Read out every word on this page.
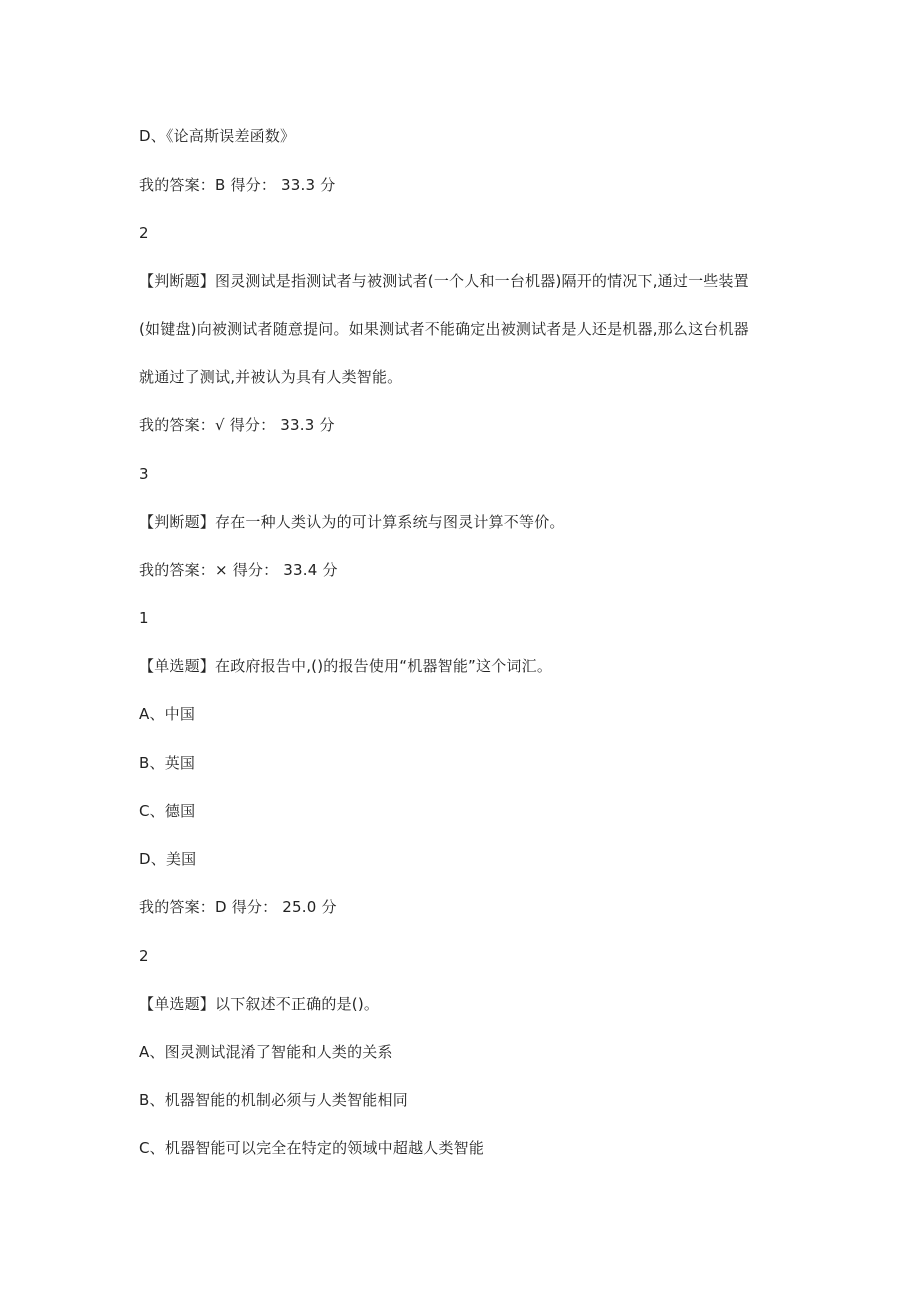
D、《论高斯误差函数》
我的答案：B 得分： 33.3 分
2
【判断题】图灵测试是指测试者与被测试者(一个人和一台机器)隔开的情况下,通过一些装置
(如键盘)向被测试者随意提问。如果测试者不能确定出被测试者是人还是机器,那么这台机器
就通过了测试,并被认为具有人类智能。
我的答案：√ 得分： 33.3 分
3
【判断题】存在一种人类认为的可计算系统与图灵计算不等价。
我的答案：× 得分： 33.4 分
1
【单选题】在政府报告中,()的报告使用“机器智能”这个词汇。
A、中国
B、英国
C、德国
D、美国
我的答案：D 得分： 25.0 分
2
【单选题】以下叙述不正确的是()。
A、图灵测试混淆了智能和人类的关系
B、机器智能的机制必须与人类智能相同
C、机器智能可以完全在特定的领域中超越人类智能
